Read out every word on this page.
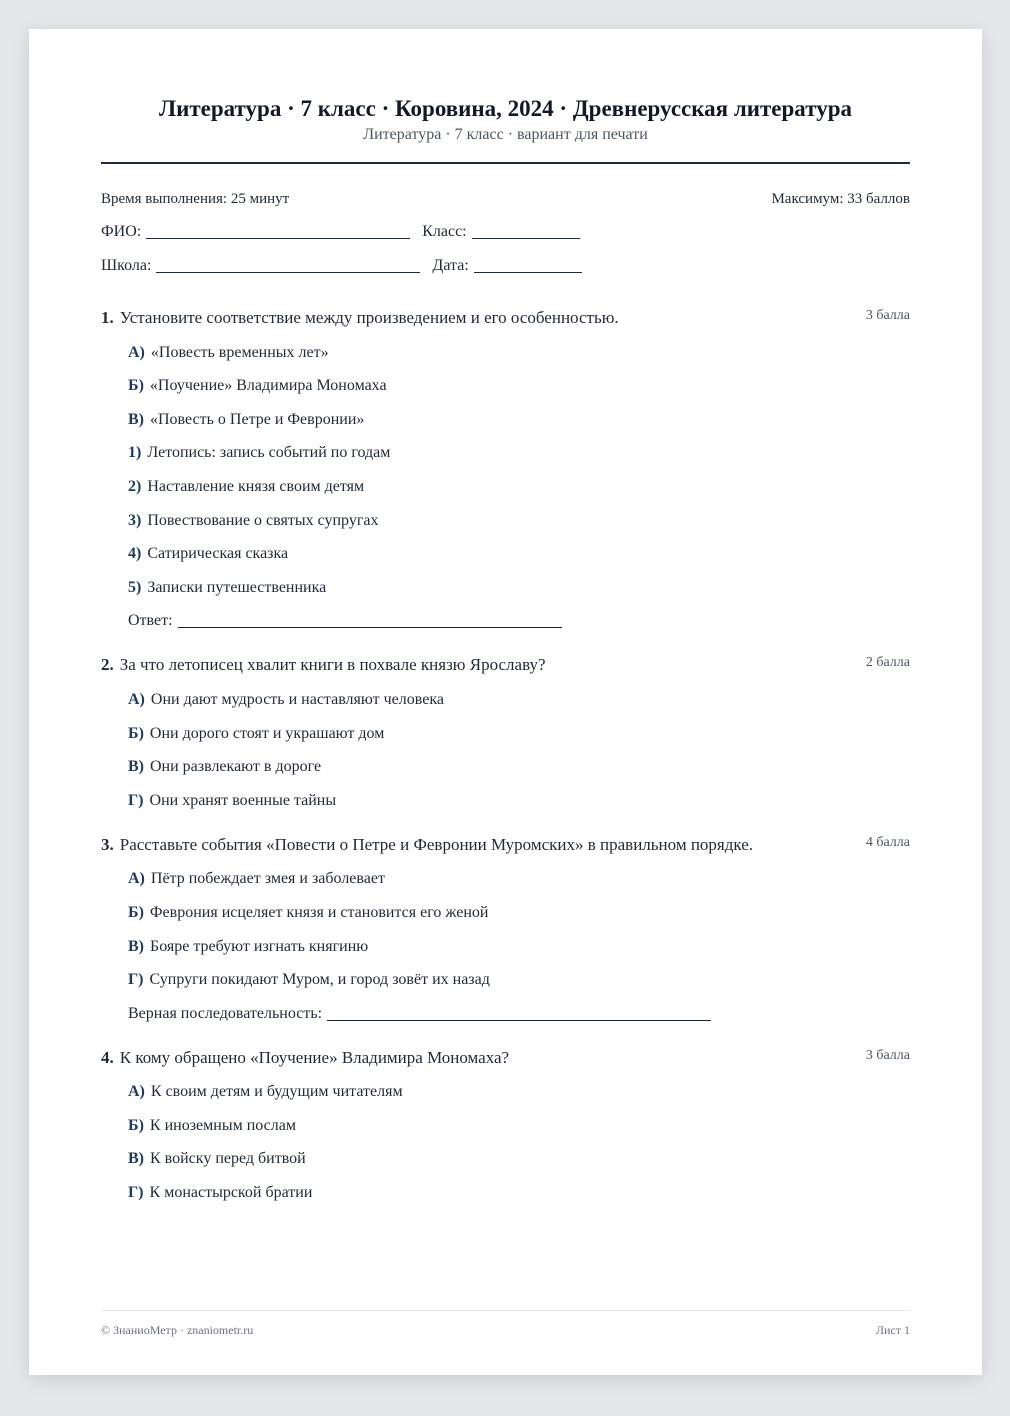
Литература · 7 класс · Коровина, 2024 · Древнерусская литература
Литература · 7 класс · вариант для печати
Время выполнения: 25 минут	Максимум: 33 баллов
ФИО:	Класс:
Школа:	Дата:
1. Установите соответствие между произведением и его особенностью.	3 балла
А) «Повесть временных лет»
Б) «Поучение» Владимира Мономаха
В) «Повесть о Петре и Февронии»
1) Летопись: запись событий по годам
2) Наставление князя своим детям
3) Повествование о святых супругах
4) Сатирическая сказка
5) Записки путешественника
Ответ:
2. За что летописец хвалит книги в похвале князю Ярославу?	2 балла
А) Они дают мудрость и наставляют человека
Б) Они дорого стоят и украшают дом
В) Они развлекают в дороге
Г) Они хранят военные тайны
3. Расставьте события «Повести о Петре и Февронии Муромских» в правильном порядке.	4 балла
А) Пётр побеждает змея и заболевает
Б) Феврония исцеляет князя и становится его женой
В) Бояре требуют изгнать княгиню
Г) Супруги покидают Муром, и город зовёт их назад
Верная последовательность:
4. К кому обращено «Поучение» Владимира Мономаха?	3 балла
А) К своим детям и будущим читателям
Б) К иноземным послам
В) К войску перед битвой
Г) К монастырской братии
© ЗнаниоМетр · znaniometr.ru	Лист 1
